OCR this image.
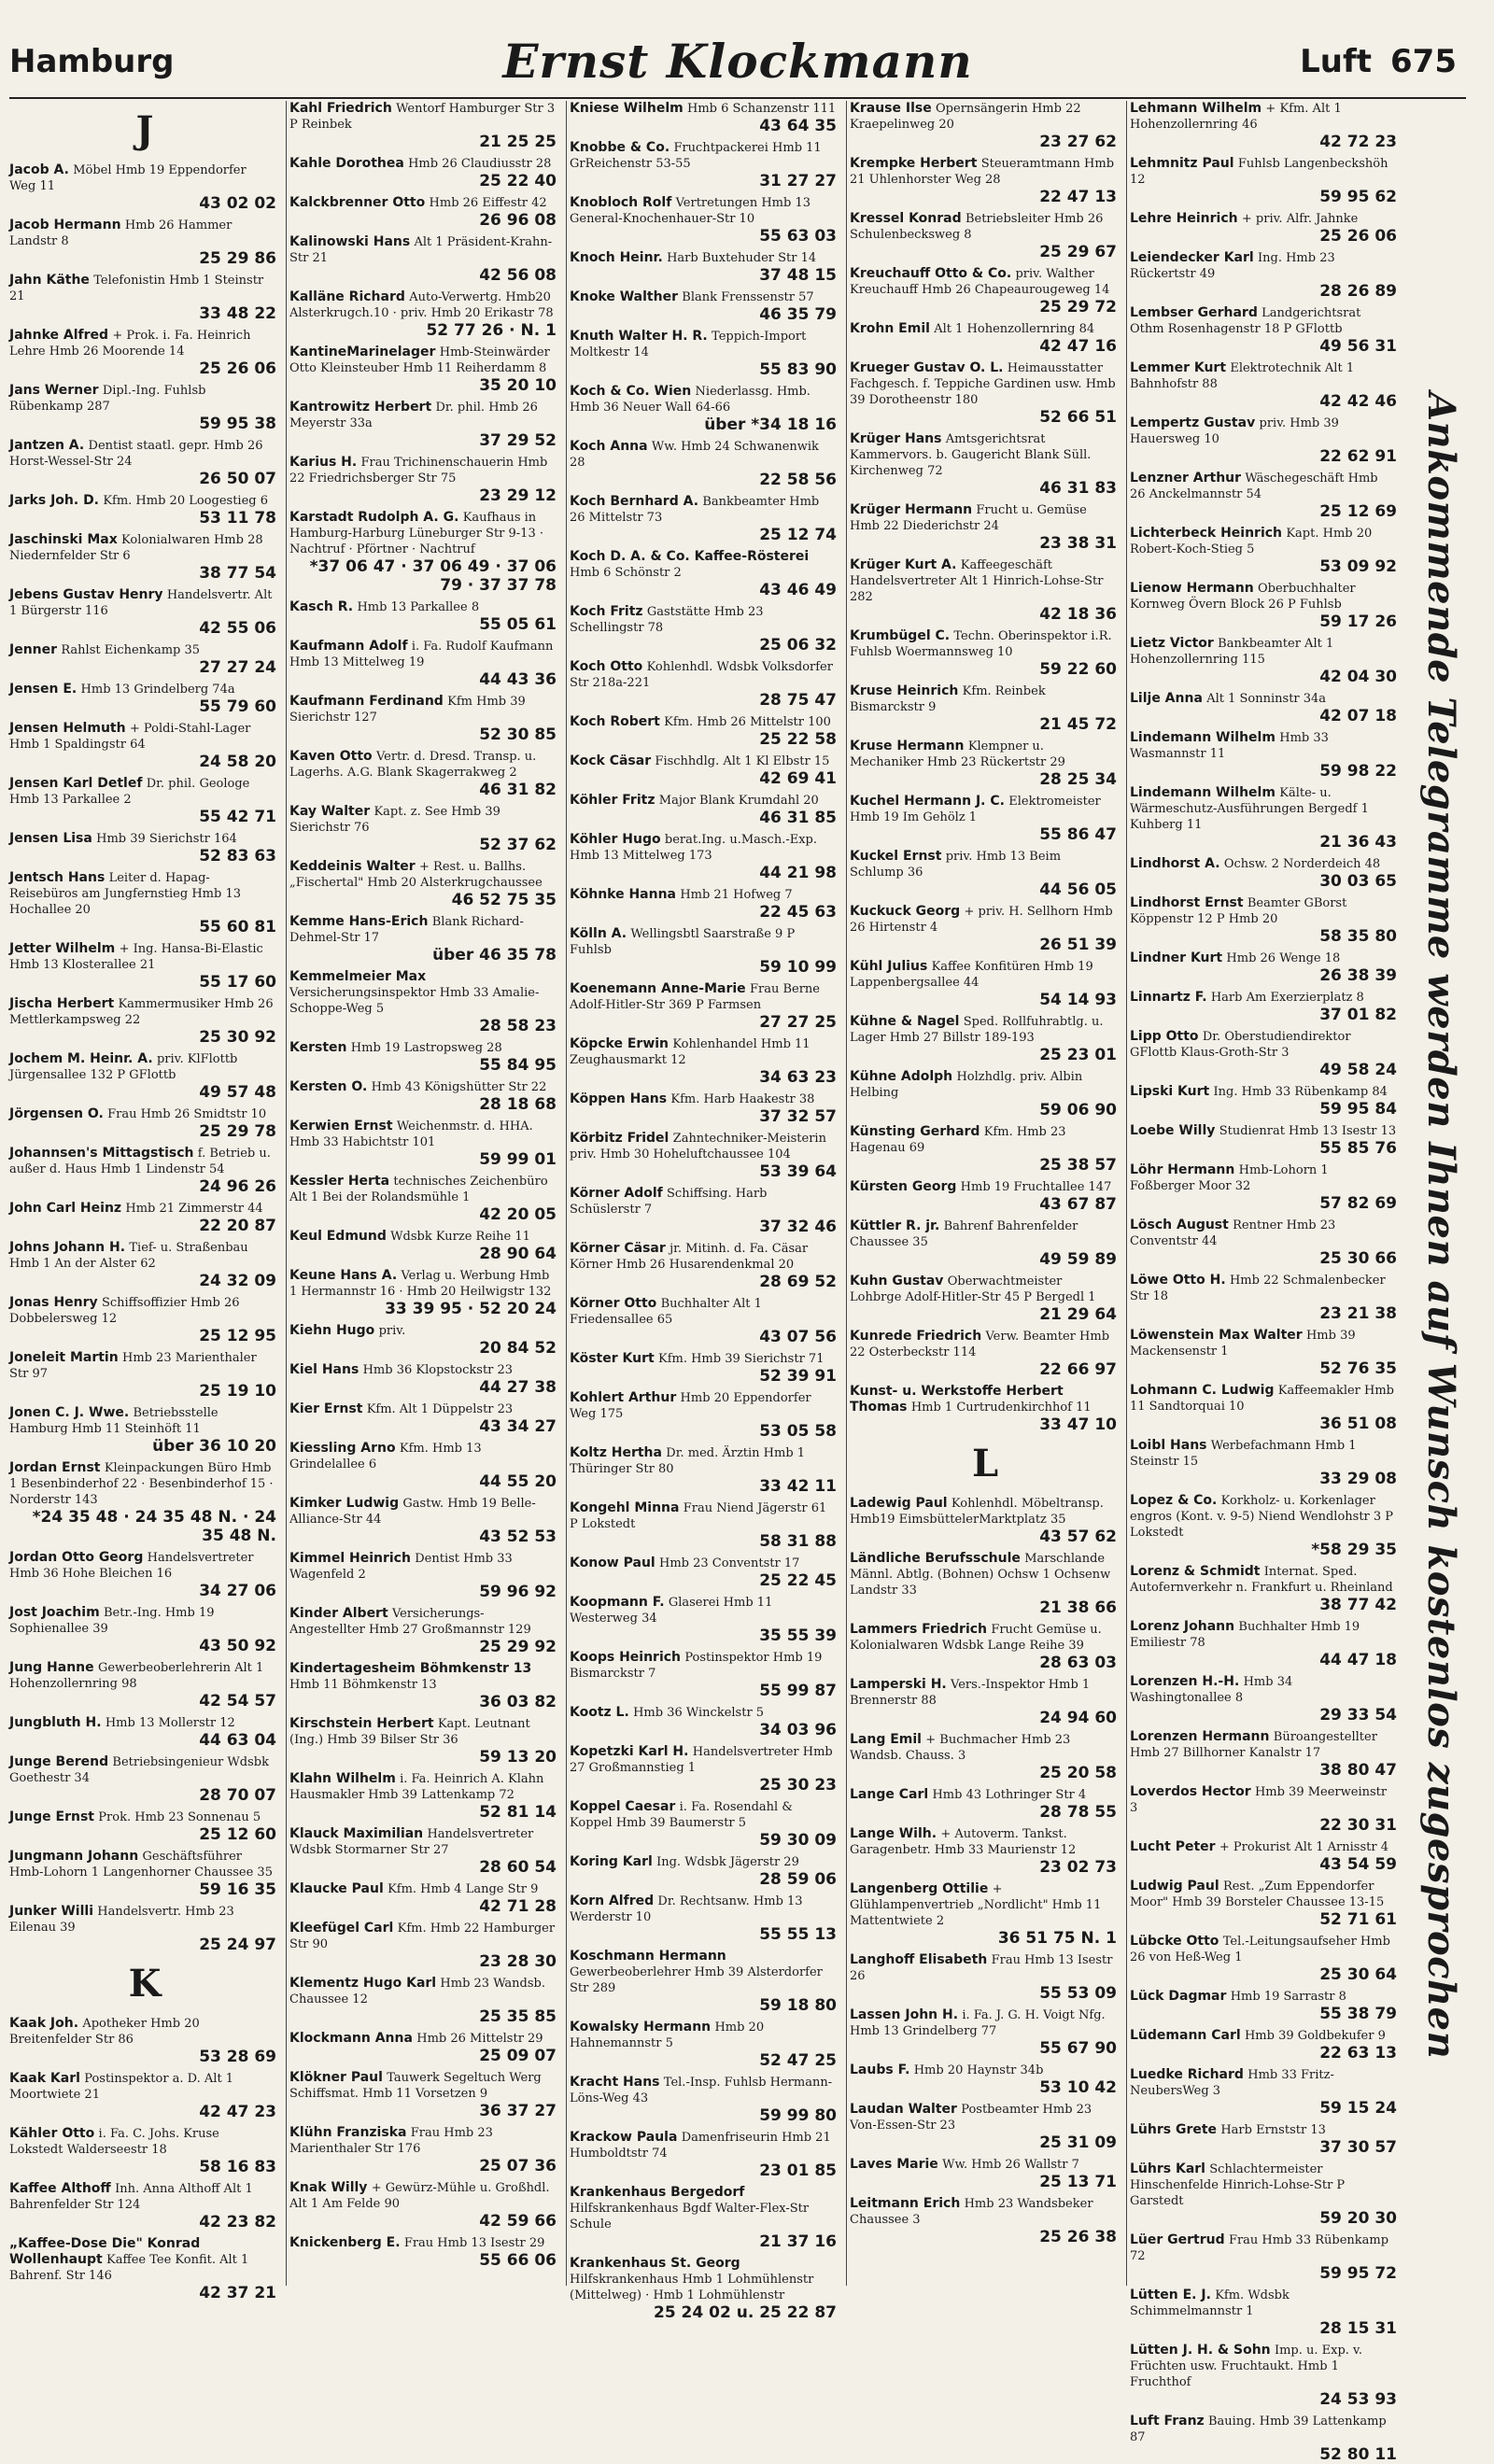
Hamburg	Ernst Klockmann	Luft 675
J
Jacob A. Möbel Hmb 19 Eppendorfer Weg 11
43 02 02
Jacob Hermann Hmb 26 Hammer Landstr 8
25 29 86
Jahn Käthe Telefonistin Hmb 1 Steinstr 21
33 48 22
Jahnke Alfred + Prok. i. Fa. Heinrich Lehre Hmb 26 Moorende 14
25 26 06
Jans Werner Dipl.-Ing. Fuhlsb Rübenkamp 287
59 95 38
Jantzen A. Dentist staatl. gepr. Hmb 26 Horst-Wessel-Str 24
26 50 07
Jarks Joh. D. Kfm. Hmb 20 Loogestieg 6
53 11 78
Jaschinski Max Kolonialwaren Hmb 28 Niedernfelder Str 6
38 77 54
Jebens Gustav Henry Handelsvertr. Alt 1 Bürgerstr 116
42 55 06
Jenner Rahlst Eichenkamp 35
27 27 24
Jensen E. Hmb 13 Grindelberg 74a
55 79 60
Jensen Helmuth + Poldi-Stahl-Lager Hmb 1 Spaldingstr 64
24 58 20
Jensen Karl Detlef Dr. phil. Geologe Hmb 13 Parkallee 2
55 42 71
Jensen Lisa Hmb 39 Sierichstr 164
52 83 63
Jentsch Hans Leiter d. Hapag-Reisebüros am Jungfernstieg Hmb 13 Hochallee 20
55 60 81
Jetter Wilhelm + Ing. Hansa-Bi-Elastic Hmb 13 Klosterallee 21
55 17 60
Jischa Herbert Kammermusiker Hmb 26 Mettlerkampsweg 22
25 30 92
Jochem M. Heinr. A. priv. KlFlottb Jürgensallee 132 P GFlottb
49 57 48
Jörgensen O. Frau Hmb 26 Smidtstr 10
25 29 78
Johannsen's Mittagstisch f. Betrieb u. außer d. Haus Hmb 1 Lindenstr 54
24 96 26
John Carl Heinz Hmb 21 Zimmerstr 44
22 20 87
Johns Johann H. Tief- u. Straßenbau Hmb 1 An der Alster 62
24 32 09
Jonas Henry Schiffsoffizier Hmb 26 Dobbelersweg 12
25 12 95
Joneleit Martin Hmb 23 Marienthaler Str 97
25 19 10
Jonen C. J. Wwe. Betriebsstelle Hamburg Hmb 11 Steinhöft 11
über 36 10 20
Jordan Ernst Kleinpackungen Büro Hmb 1 Besenbinderhof 22 · Besenbinderhof 15 · Norderstr 143
*24 35 48 · 24 35 48 N. · 24 35 48 N.
Jordan Otto Georg Handelsvertreter Hmb 36 Hohe Bleichen 16
34 27 06
Jost Joachim Betr.-Ing. Hmb 19 Sophienallee 39
43 50 92
Jung Hanne Gewerbeoberlehrerin Alt 1 Hohenzollernring 98
42 54 57
Jungbluth H. Hmb 13 Mollerstr 12
44 63 04
Junge Berend Betriebsingenieur Wdsbk Goethestr 34
28 70 07
Junge Ernst Prok. Hmb 23 Sonnenau 5
25 12 60
Jungmann Johann Geschäftsführer Hmb-Lohorn 1 Langenhorner Chaussee 35
59 16 35
Junker Willi Handelsvertr. Hmb 23 Eilenau 39
25 24 97
K
Kaak Joh. Apotheker Hmb 20 Breitenfelder Str 86
53 28 69
Kaak Karl Postinspektor a. D. Alt 1 Moortwiete 21
42 47 23
Kähler Otto i. Fa. C. Johs. Kruse Lokstedt Walderseestr 18
58 16 83
Kaffee Althoff Inh. Anna Althoff Alt 1 Bahrenfelder Str 124
42 23 82
„Kaffee-Dose Die" Konrad Wollenhaupt Kaffee Tee Konfit. Alt 1 Bahrenf. Str 146
42 37 21
Kahl Friedrich Wentorf Hamburger Str 3 P Reinbek
21 25 25
Kahle Dorothea Hmb 26 Claudiusstr 28
25 22 40
Kalckbrenner Otto Hmb 26 Eiffestr 42
26 96 08
Kalinowski Hans Alt 1 Präsident-Krahn-Str 21
42 56 08
Kalläne Richard Auto-Verwertg. Hmb20 Alsterkrugch.10 · priv. Hmb 20 Erikastr 78
52 77 26 · N. 1
KantineMarinelager Hmb-Steinwärder Otto Kleinsteuber Hmb 11 Reiherdamm 8
35 20 10
Kantrowitz Herbert Dr. phil. Hmb 26 Meyerstr 33a
37 29 52
Karius H. Frau Trichinenschauerin Hmb 22 Friedrichsberger Str 75
23 29 12
Karstadt Rudolph A. G. Kaufhaus in Hamburg-Harburg Lüneburger Str 9-13 · Nachtruf · Pförtner · Nachtruf
*37 06 47 · 37 06 49 · 37 06 79 · 37 37 78
Kasch R. Hmb 13 Parkallee 8
55 05 61
Kaufmann Adolf i. Fa. Rudolf Kaufmann Hmb 13 Mittelweg 19
44 43 36
Kaufmann Ferdinand Kfm Hmb 39 Sierichstr 127
52 30 85
Kaven Otto Vertr. d. Dresd. Transp. u. Lagerhs. A.G. Blank Skagerrakweg 2
46 31 82
Kay Walter Kapt. z. See Hmb 39 Sierichstr 76
52 37 62
Keddeinis Walter + Rest. u. Ballhs. „Fischertal" Hmb 20 Alsterkrugchaussee
46 52 75 35
Kemme Hans-Erich Blank Richard-Dehmel-Str 17
über 46 35 78
Kemmelmeier Max Versicherungsinspektor Hmb 33 Amalie-Schoppe-Weg 5
28 58 23
Kersten Hmb 19 Lastropsweg 28
55 84 95
Kersten O. Hmb 43 Königshütter Str 22
28 18 68
Kerwien Ernst Weichenmstr. d. HHA. Hmb 33 Habichtstr 101
59 99 01
Kessler Herta technisches Zeichenbüro Alt 1 Bei der Rolandsmühle 1
42 20 05
Keul Edmund Wdsbk Kurze Reihe 11
28 90 64
Keune Hans A. Verlag u. Werbung Hmb 1 Hermannstr 16 · Hmb 20 Heilwigstr 132
33 39 95 · 52 20 24
Kiehn Hugo priv.
20 84 52
Kiel Hans Hmb 36 Klopstockstr 23
44 27 38
Kier Ernst Kfm. Alt 1 Düppelstr 23
43 34 27
Kiessling Arno Kfm. Hmb 13 Grindelallee 6
44 55 20
Kimker Ludwig Gastw. Hmb 19 Belle-Alliance-Str 44
43 52 53
Kimmel Heinrich Dentist Hmb 33 Wagenfeld 2
59 96 92
Kinder Albert Versicherungs-Angestellter Hmb 27 Großmannstr 129
25 29 92
Kindertagesheim Böhmkenstr 13 Hmb 11 Böhmkenstr 13
36 03 82
Kirschstein Herbert Kapt. Leutnant (Ing.) Hmb 39 Bilser Str 36
59 13 20
Klahn Wilhelm i. Fa. Heinrich A. Klahn Hausmakler Hmb 39 Lattenkamp 72
52 81 14
Klauck Maximilian Handelsvertreter Wdsbk Stormarner Str 27
28 60 54
Klaucke Paul Kfm. Hmb 4 Lange Str 9
42 71 28
Kleefügel Carl Kfm. Hmb 22 Hamburger Str 90
23 28 30
Klementz Hugo Karl Hmb 23 Wandsb. Chaussee 12
25 35 85
Klockmann Anna Hmb 26 Mittelstr 29
25 09 07
Klökner Paul Tauwerk Segeltuch Werg Schiffsmat. Hmb 11 Vorsetzen 9
36 37 27
Klühn Franziska Frau Hmb 23 Marienthaler Str 176
25 07 36
Knak Willy + Gewürz-Mühle u. Großhdl. Alt 1 Am Felde 90
42 59 66
Knickenberg E. Frau Hmb 13 Isestr 29
55 66 06
Kniese Wilhelm Hmb 6 Schanzenstr 111
43 64 35
Knobbe & Co. Fruchtpackerei Hmb 11 GrReichenstr 53-55
31 27 27
Knobloch Rolf Vertretungen Hmb 13 General-Knochenhauer-Str 10
55 63 03
Knoch Heinr. Harb Buxtehuder Str 14
37 48 15
Knoke Walther Blank Frenssenstr 57
46 35 79
Knuth Walter H. R. Teppich-Import Moltkestr 14
55 83 90
Koch & Co. Wien Niederlassg. Hmb. Hmb 36 Neuer Wall 64-66
über *34 18 16
Koch Anna Ww. Hmb 24 Schwanenwik 28
22 58 56
Koch Bernhard A. Bankbeamter Hmb 26 Mittelstr 73
25 12 74
Koch D. A. & Co. Kaffee-Rösterei Hmb 6 Schönstr 2
43 46 49
Koch Fritz Gaststätte Hmb 23 Schellingstr 78
25 06 32
Koch Otto Kohlenhdl. Wdsbk Volksdorfer Str 218a-221
28 75 47
Koch Robert Kfm. Hmb 26 Mittelstr 100
25 22 58
Kock Cäsar Fischhdlg. Alt 1 Kl Elbstr 15
42 69 41
Köhler Fritz Major Blank Krumdahl 20
46 31 85
Köhler Hugo berat.Ing. u.Masch.-Exp. Hmb 13 Mittelweg 173
44 21 98
Köhnke Hanna Hmb 21 Hofweg 7
22 45 63
Kölln A. Wellingsbtl Saarstraße 9 P Fuhlsb
59 10 99
Koenemann Anne-Marie Frau Berne Adolf-Hitler-Str 369 P Farmsen
27 27 25
Köpcke Erwin Kohlenhandel Hmb 11 Zeughausmarkt 12
34 63 23
Köppen Hans Kfm. Harb Haakestr 38
37 32 57
Körbitz Fridel Zahntechniker-Meisterin priv. Hmb 30 Hoheluftchaussee 104
53 39 64
Körner Adolf Schiffsing. Harb Schüslerstr 7
37 32 46
Körner Cäsar jr. Mitinh. d. Fa. Cäsar Körner Hmb 26 Husarendenkmal 20
28 69 52
Körner Otto Buchhalter Alt 1 Friedensallee 65
43 07 56
Köster Kurt Kfm. Hmb 39 Sierichstr 71
52 39 91
Kohlert Arthur Hmb 20 Eppendorfer Weg 175
53 05 58
Koltz Hertha Dr. med. Ärztin Hmb 1 Thüringer Str 80
33 42 11
Kongehl Minna Frau Niend Jägerstr 61 P Lokstedt
58 31 88
Konow Paul Hmb 23 Conventstr 17
25 22 45
Koopmann F. Glaserei Hmb 11 Westerweg 34
35 55 39
Koops Heinrich Postinspektor Hmb 19 Bismarckstr 7
55 99 87
Kootz L. Hmb 36 Winckelstr 5
34 03 96
Kopetzki Karl H. Handelsvertreter Hmb 27 Großmannstieg 1
25 30 23
Koppel Caesar i. Fa. Rosendahl & Koppel Hmb 39 Baumerstr 5
59 30 09
Koring Karl Ing. Wdsbk Jägerstr 29
28 59 06
Korn Alfred Dr. Rechtsanw. Hmb 13 Werderstr 10
55 55 13
Koschmann Hermann Gewerbeoberlehrer Hmb 39 Alsterdorfer Str 289
59 18 80
Kowalsky Hermann Hmb 20 Hahnemannstr 5
52 47 25
Kracht Hans Tel.-Insp. Fuhlsb Hermann-Löns-Weg 43
59 99 80
Krackow Paula Damenfriseurin Hmb 21 Humboldtstr 74
23 01 85
Krankenhaus Bergedorf Hilfskrankenhaus Bgdf Walter-Flex-Str Schule
21 37 16
Krankenhaus St. Georg Hilfskrankenhaus Hmb 1 Lohmühlenstr (Mittelweg) · Hmb 1 Lohmühlenstr
25 24 02 u. 25 22 87
Krause Ilse Opernsängerin Hmb 22 Kraepelinweg 20
23 27 62
Krempke Herbert Steueramtmann Hmb 21 Uhlenhorster Weg 28
22 47 13
Kressel Konrad Betriebsleiter Hmb 26 Schulenbecksweg 8
25 29 67
Kreuchauff Otto & Co. priv. Walther Kreuchauff Hmb 26 Chapeaurougeweg 14
25 29 72
Krohn Emil Alt 1 Hohenzollernring 84
42 47 16
Krueger Gustav O. L. Heimausstatter Fachgesch. f. Teppiche Gardinen usw. Hmb 39 Dorotheenstr 180
52 66 51
Krüger Hans Amtsgerichtsrat Kammervors. b. Gaugericht Blank Süll. Kirchenweg 72
46 31 83
Krüger Hermann Frucht u. Gemüse Hmb 22 Diederichstr 24
23 38 31
Krüger Kurt A. Kaffeegeschäft Handelsvertreter Alt 1 Hinrich-Lohse-Str 282
42 18 36
Krumbügel C. Techn. Oberinspektor i.R. Fuhlsb Woermannsweg 10
59 22 60
Kruse Heinrich Kfm. Reinbek Bismarckstr 9
21 45 72
Kruse Hermann Klempner u. Mechaniker Hmb 23 Rückertstr 29
28 25 34
Kuchel Hermann J. C. Elektromeister Hmb 19 Im Gehölz 1
55 86 47
Kuckel Ernst priv. Hmb 13 Beim Schlump 36
44 56 05
Kuckuck Georg + priv. H. Sellhorn Hmb 26 Hirtenstr 4
26 51 39
Kühl Julius Kaffee Konfitüren Hmb 19 Lappenbergsallee 44
54 14 93
Kühne & Nagel Sped. Rollfuhrabtlg. u. Lager Hmb 27 Billstr 189-193
25 23 01
Kühne Adolph Holzhdlg. priv. Albin Helbing
59 06 90
Künsting Gerhard Kfm. Hmb 23 Hagenau 69
25 38 57
Kürsten Georg Hmb 19 Fruchtallee 147
43 67 87
Küttler R. jr. Bahrenf Bahrenfelder Chaussee 35
49 59 89
Kuhn Gustav Oberwachtmeister Lohbrge Adolf-Hitler-Str 45 P Bergedl 1
21 29 64
Kunrede Friedrich Verw. Beamter Hmb 22 Osterbeckstr 114
22 66 97
Kunst- u. Werkstoffe Herbert Thomas Hmb 1 Curtrudenkirchhof 11
33 47 10
L
Ladewig Paul Kohlenhdl. Möbeltransp. Hmb19 EimsbüttelerMarktplatz 35
43 57 62
Ländliche Berufsschule Marschlande Männl. Abtlg. (Bohnen) Ochsw 1 Ochsenw Landstr 33
21 38 66
Lammers Friedrich Frucht Gemüse u. Kolonialwaren Wdsbk Lange Reihe 39
28 63 03
Lamperski H. Vers.-Inspektor Hmb 1 Brennerstr 88
24 94 60
Lang Emil + Buchmacher Hmb 23 Wandsb. Chauss. 3
25 20 58
Lange Carl Hmb 43 Lothringer Str 4
28 78 55
Lange Wilh. + Autoverm. Tankst. Garagenbetr. Hmb 33 Maurienstr 12
23 02 73
Langenberg Ottilie + Glühlampenvertrieb „Nordlicht" Hmb 11 Mattentwiete 2
36 51 75 N. 1
Langhoff Elisabeth Frau Hmb 13 Isestr 26
55 53 09
Lassen John H. i. Fa. J. G. H. Voigt Nfg. Hmb 13 Grindelberg 77
55 67 90
Laubs F. Hmb 20 Haynstr 34b
53 10 42
Laudan Walter Postbeamter Hmb 23 Von-Essen-Str 23
25 31 09
Laves Marie Ww. Hmb 26 Wallstr 7
25 13 71
Leitmann Erich Hmb 23 Wandsbeker Chaussee 3
25 26 38
Lehmann Wilhelm + Kfm. Alt 1 Hohenzollernring 46
42 72 23
Lehmnitz Paul Fuhlsb Langenbeckshöh 12
59 95 62
Lehre Heinrich + priv. Alfr. Jahnke
25 26 06
Leiendecker Karl Ing. Hmb 23 Rückertstr 49
28 26 89
Lembser Gerhard Landgerichtsrat Othm Rosenhagenstr 18 P GFlottb
49 56 31
Lemmer Kurt Elektrotechnik Alt 1 Bahnhofstr 88
42 42 46
Lempertz Gustav priv. Hmb 39 Hauersweg 10
22 62 91
Lenzner Arthur Wäschegeschäft Hmb 26 Anckelmannstr 54
25 12 69
Lichterbeck Heinrich Kapt. Hmb 20 Robert-Koch-Stieg 5
53 09 92
Lienow Hermann Oberbuchhalter Kornweg Övern Block 26 P Fuhlsb
59 17 26
Lietz Victor Bankbeamter Alt 1 Hohenzollernring 115
42 04 30
Lilje Anna Alt 1 Sonninstr 34a
42 07 18
Lindemann Wilhelm Hmb 33 Wasmannstr 11
59 98 22
Lindemann Wilhelm Kälte- u. Wärmeschutz-Ausführungen Bergedf 1 Kuhberg 11
21 36 43
Lindhorst A. Ochsw. 2 Norderdeich 48
30 03 65
Lindhorst Ernst Beamter GBorst Köppenstr 12 P Hmb 20
58 35 80
Lindner Kurt Hmb 26 Wenge 18
26 38 39
Linnartz F. Harb Am Exerzierplatz 8
37 01 82
Lipp Otto Dr. Oberstudiendirektor GFlottb Klaus-Groth-Str 3
49 58 24
Lipski Kurt Ing. Hmb 33 Rübenkamp 84
59 95 84
Loebe Willy Studienrat Hmb 13 Isestr 13
55 85 76
Löhr Hermann Hmb-Lohorn 1 Foßberger Moor 32
57 82 69
Lösch August Rentner Hmb 23 Conventstr 44
25 30 66
Löwe Otto H. Hmb 22 Schmalenbecker Str 18
23 21 38
Löwenstein Max Walter Hmb 39 Mackensenstr 1
52 76 35
Lohmann C. Ludwig Kaffeemakler Hmb 11 Sandtorquai 10
36 51 08
Loibl Hans Werbefachmann Hmb 1 Steinstr 15
33 29 08
Lopez & Co. Korkholz- u. Korkenlager engros (Kont. v. 9-5) Niend Wendlohstr 3 P Lokstedt
*58 29 35
Lorenz & Schmidt Internat. Sped. Autofernverkehr n. Frankfurt u. Rheinland
38 77 42
Lorenz Johann Buchhalter Hmb 19 Emiliestr 78
44 47 18
Lorenzen H.-H. Hmb 34 Washingtonallee 8
29 33 54
Lorenzen Hermann Büroangestellter Hmb 27 Billhorner Kanalstr 17
38 80 47
Loverdos Hector Hmb 39 Meerweinstr 3
22 30 31
Lucht Peter + Prokurist Alt 1 Arnisstr 4
43 54 59
Ludwig Paul Rest. „Zum Eppendorfer Moor" Hmb 39 Borsteler Chaussee 13-15
52 71 61
Lübcke Otto Tel.-Leitungsaufseher Hmb 26 von Heß-Weg 1
25 30 64
Lück Dagmar Hmb 19 Sarrastr 8
55 38 79
Lüdemann Carl Hmb 39 Goldbekufer 9
22 63 13
Luedke Richard Hmb 33 Fritz-NeubersWeg 3
59 15 24
Lührs Grete Harb Ernststr 13
37 30 57
Lührs Karl Schlachtermeister Hinschenfelde Hinrich-Lohse-Str P Garstedt
59 20 30
Lüer Gertrud Frau Hmb 33 Rübenkamp 72
59 95 72
Lütten E. J. Kfm. Wdsbk Schimmelmannstr 1
28 15 31
Lütten J. H. & Sohn Imp. u. Exp. v. Früchten usw. Fruchtaukt. Hmb 1 Fruchthof
24 53 93
Luft Franz Bauing. Hmb 39 Lattenkamp 87
52 80 11
Ankommende Telegramme werden Ihnen auf Wunsch kostenlos zugesprochen
